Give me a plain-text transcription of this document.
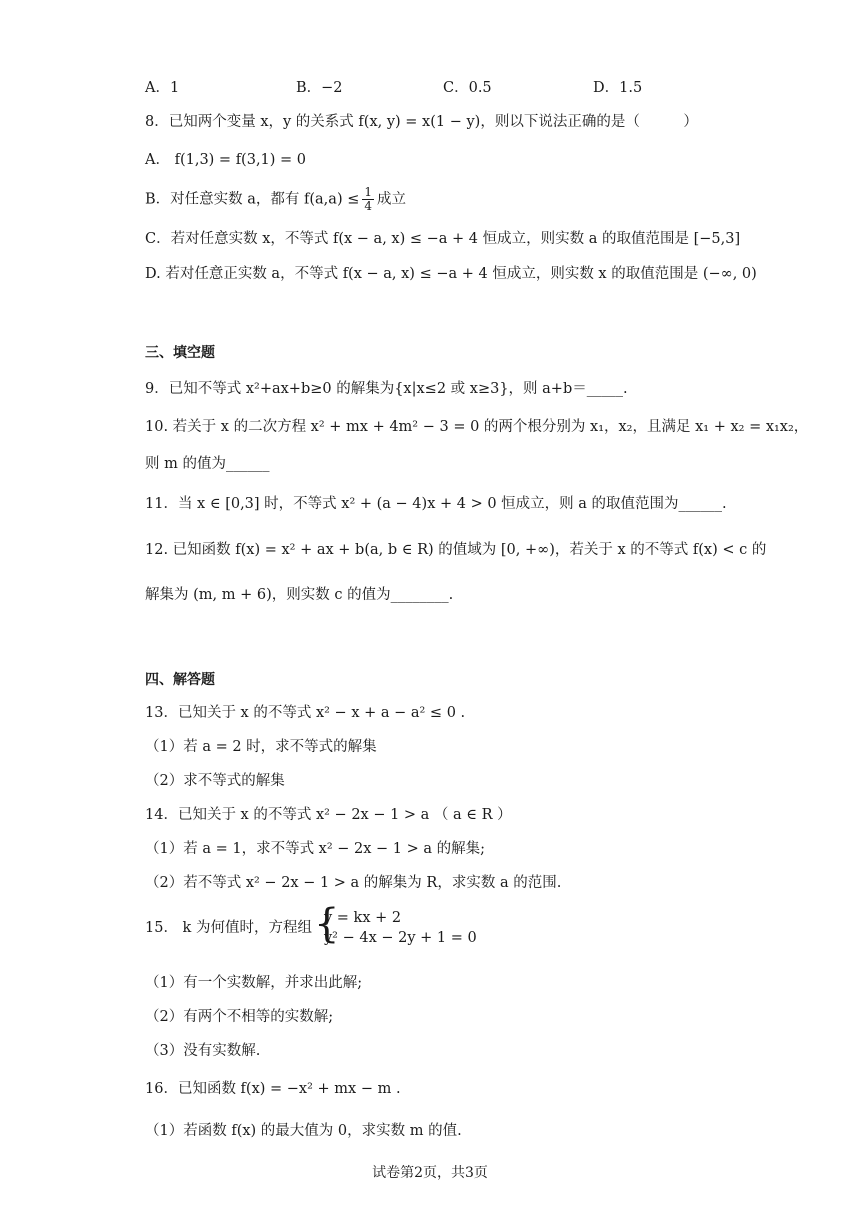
A．1	B．−2	C．0.5	D．1.5
8．已知两个变量 x，y 的关系式 f(x, y) = x(1 − y)，则以下说法正确的是（　　　）
A． f(1,3) = f(3,1) = 0
B．对任意实数 a，都有 $f(a,a) \le \frac{1}{4}$ 成立
C．若对任意实数 x，不等式 f(x − a, x) ≤ −a + 4 恒成立，则实数 a 的取值范围是 [−5,3]
D. 若对任意正实数 a，不等式 f(x − a, x) ≤ −a + 4 恒成立，则实数 x 的取值范围是 (−∞, 0)
三、填空题
9．已知不等式 x²+ax+b≥0 的解集为{x|x≤2 或 x≥3}，则 a+b＝_____.
10. 若关于 x 的二次方程 x² + mx + 4m² − 3 = 0 的两个根分别为 x₁，x₂，且满足 x₁ + x₂ = x₁x₂，
则 m 的值为______
11．当 x ∈ [0,3] 时，不等式 x² + (a − 4)x + 4 > 0 恒成立，则 a 的取值范围为______.
12. 已知函数 f(x) = x² + ax + b(a, b ∈ R) 的值域为 [0, +∞)，若关于 x 的不等式 f(x) < c 的
解集为 (m, m + 6)，则实数 c 的值为________.
四、解答题
13．已知关于 x 的不等式 x² − x + a − a² ≤ 0 .
（1）若 a = 2 时，求不等式的解集
（2）求不等式的解集
14．已知关于 x 的不等式 x² − 2x − 1 > a （ a ∈ R ）
（1）若 a = 1，求不等式 x² − 2x − 1 > a 的解集;
（2）若不等式 x² − 2x − 1 > a 的解集为 R，求实数 a 的范围.
15． k 为何值时，方程组 {
y = kx + 2
y² − 4x − 2y + 1 = 0
（1）有一个实数解，并求出此解;
（2）有两个不相等的实数解;
（3）没有实数解.
16．已知函数 f(x) = −x² + mx − m .
（1）若函数 f(x) 的最大值为 0，求实数 m 的值.
试卷第2页，共3页
